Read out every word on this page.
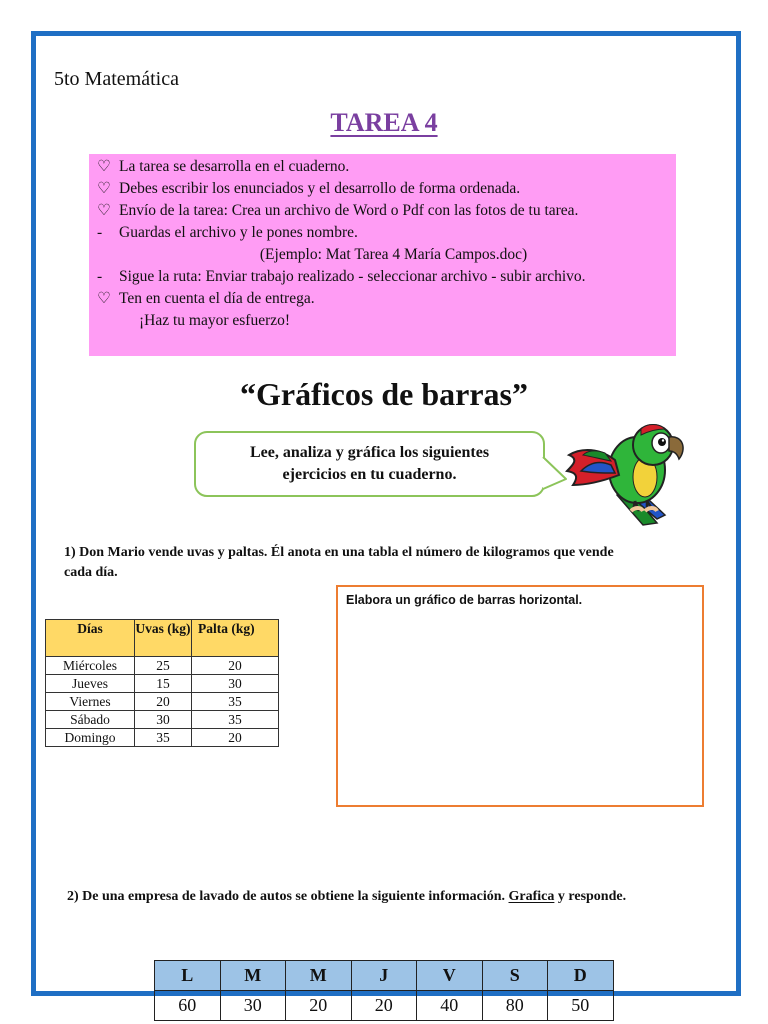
5to Matemática
TAREA 4
♡ La tarea se desarrolla en el cuaderno.
♡ Debes escribir los enunciados y el desarrollo de forma ordenada.
♡ Envío de la tarea: Crea un archivo de Word o Pdf con las fotos de tu tarea.
- Guardas el archivo y le pones nombre.
(Ejemplo: Mat Tarea 4 María Campos.doc)
- Sigue la ruta: Enviar trabajo realizado - seleccionar archivo - subir archivo.
♡ Ten en cuenta el día de entrega.
¡Haz tu mayor esfuerzo!
“Gráficos de barras”
Lee, analiza y gráfica los siguientes ejercicios en tu cuaderno.
1) Don Mario vende uvas y paltas. Él anota en una tabla el número de kilogramos que vende cada día.
Días	Uvas (kg)	Palta (kg)
Miércoles	25	20
Jueves	15	30
Viernes	20	35
Sábado	30	35
Domingo	35	20
Elabora un gráfico de barras horizontal.
2) De una empresa de lavado de autos se obtiene la siguiente información. Grafica y responde.
L	M	M	J	V	S	D
60	30	20	20	40	80	50
